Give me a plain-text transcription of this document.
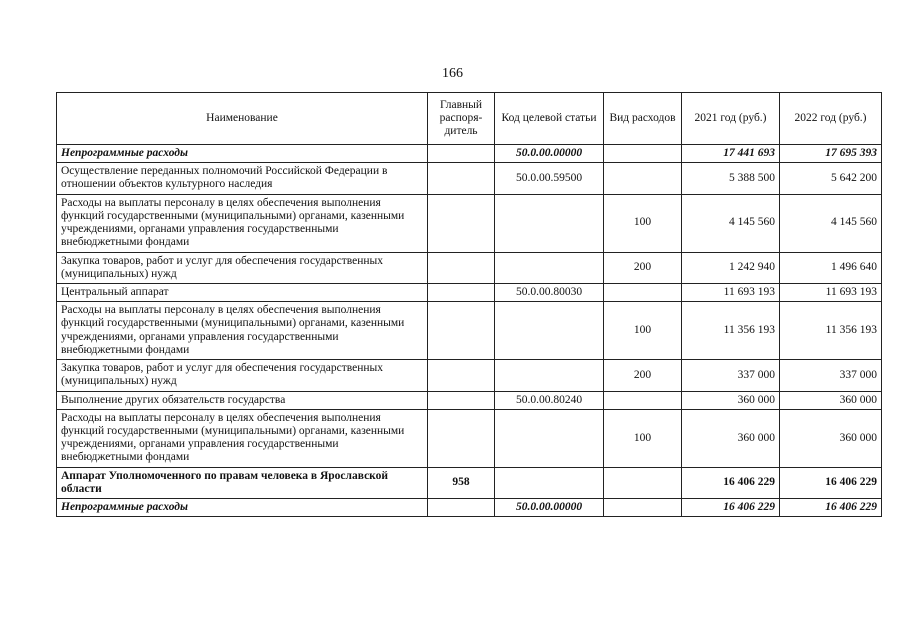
166
Наименование	Главный распоря-дитель	Код целевой статьи	Вид расходов	2021 год (руб.)	2022 год (руб.)
Непрограммные расходы		50.0.00.00000		17 441 693	17 695 393
Осуществление переданных полномочий Российской Федерации в отношении объектов культурного наследия		50.0.00.59500		5 388 500	5 642 200
Расходы на выплаты персоналу в целях обеспечения выполнения функций государственными (муниципальными) органами, казенными учреждениями, органами управления государственными внебюджетными фондами			100	4 145 560	4 145 560
Закупка товаров, работ и услуг для обеспечения государственных (муниципальных) нужд			200	1 242 940	1 496 640
Центральный аппарат		50.0.00.80030		11 693 193	11 693 193
Расходы на выплаты персоналу в целях обеспечения выполнения функций государственными (муниципальными) органами, казенными учреждениями, органами управления государственными внебюджетными фондами			100	11 356 193	11 356 193
Закупка товаров, работ и услуг для обеспечения государственных (муниципальных) нужд			200	337 000	337 000
Выполнение других обязательств государства		50.0.00.80240		360 000	360 000
Расходы на выплаты персоналу в целях обеспечения выполнения функций государственными (муниципальными) органами, казенными учреждениями, органами управления государственными внебюджетными фондами			100	360 000	360 000
Аппарат Уполномоченного по правам человека в Ярославской области	958			16 406 229	16 406 229
Непрограммные расходы		50.0.00.00000		16 406 229	16 406 229
